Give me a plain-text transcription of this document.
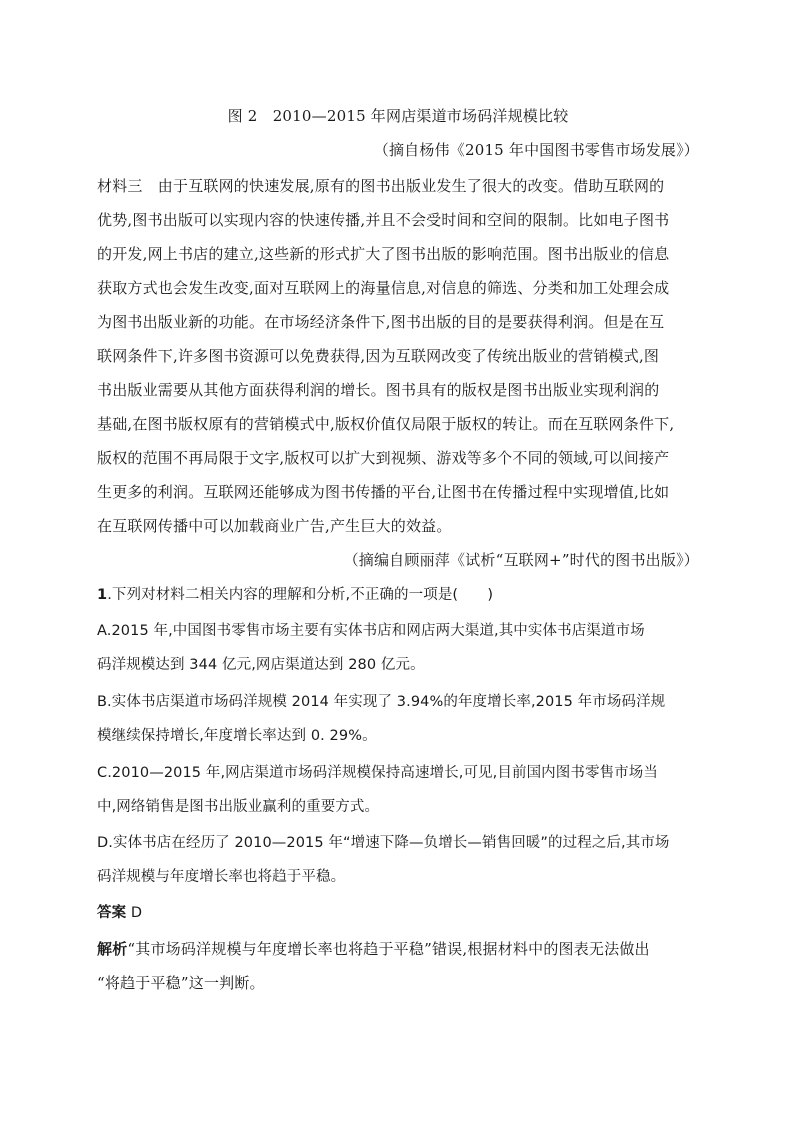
图 2　2010—2015 年网店渠道市场码洋规模比较
（摘自杨伟《2015 年中国图书零售市场发展》）
材料三　由于互联网的快速发展,原有的图书出版业发生了很大的改变。借助互联网的
优势,图书出版可以实现内容的快速传播,并且不会受时间和空间的限制。比如电子图书
的开发,网上书店的建立,这些新的形式扩大了图书出版的影响范围。图书出版业的信息
获取方式也会发生改变,面对互联网上的海量信息,对信息的筛选、分类和加工处理会成
为图书出版业新的功能。在市场经济条件下,图书出版的目的是要获得利润。但是在互
联网条件下,许多图书资源可以免费获得,因为互联网改变了传统出版业的营销模式,图
书出版业需要从其他方面获得利润的增长。图书具有的版权是图书出版业实现利润的
基础,在图书版权原有的营销模式中,版权价值仅局限于版权的转让。而在互联网条件下,
版权的范围不再局限于文字,版权可以扩大到视频、游戏等多个不同的领域,可以间接产
生更多的利润。互联网还能够成为图书传播的平台,让图书在传播过程中实现增值,比如
在互联网传播中可以加载商业广告,产生巨大的效益。
（摘编自顾丽萍《试析“互联网+”时代的图书出版》）
1.下列对材料二相关内容的理解和分析,不正确的一项是(　　)
A.2015 年,中国图书零售市场主要有实体书店和网店两大渠道,其中实体书店渠道市场
码洋规模达到 344 亿元,网店渠道达到 280 亿元。
B.实体书店渠道市场码洋规模 2014 年实现了 3.94%的年度增长率,2015 年市场码洋规
模继续保持增长,年度增长率达到 0. 29%。
C.2010—2015 年,网店渠道市场码洋规模保持高速增长,可见,目前国内图书零售市场当
中,网络销售是图书出版业赢利的重要方式。
D.实体书店在经历了 2010—2015 年“增速下降—负增长—销售回暖”的过程之后,其市场
码洋规模与年度增长率也将趋于平稳。
答案 D
解析“其市场码洋规模与年度增长率也将趋于平稳”错误,根据材料中的图表无法做出
“将趋于平稳”这一判断。
